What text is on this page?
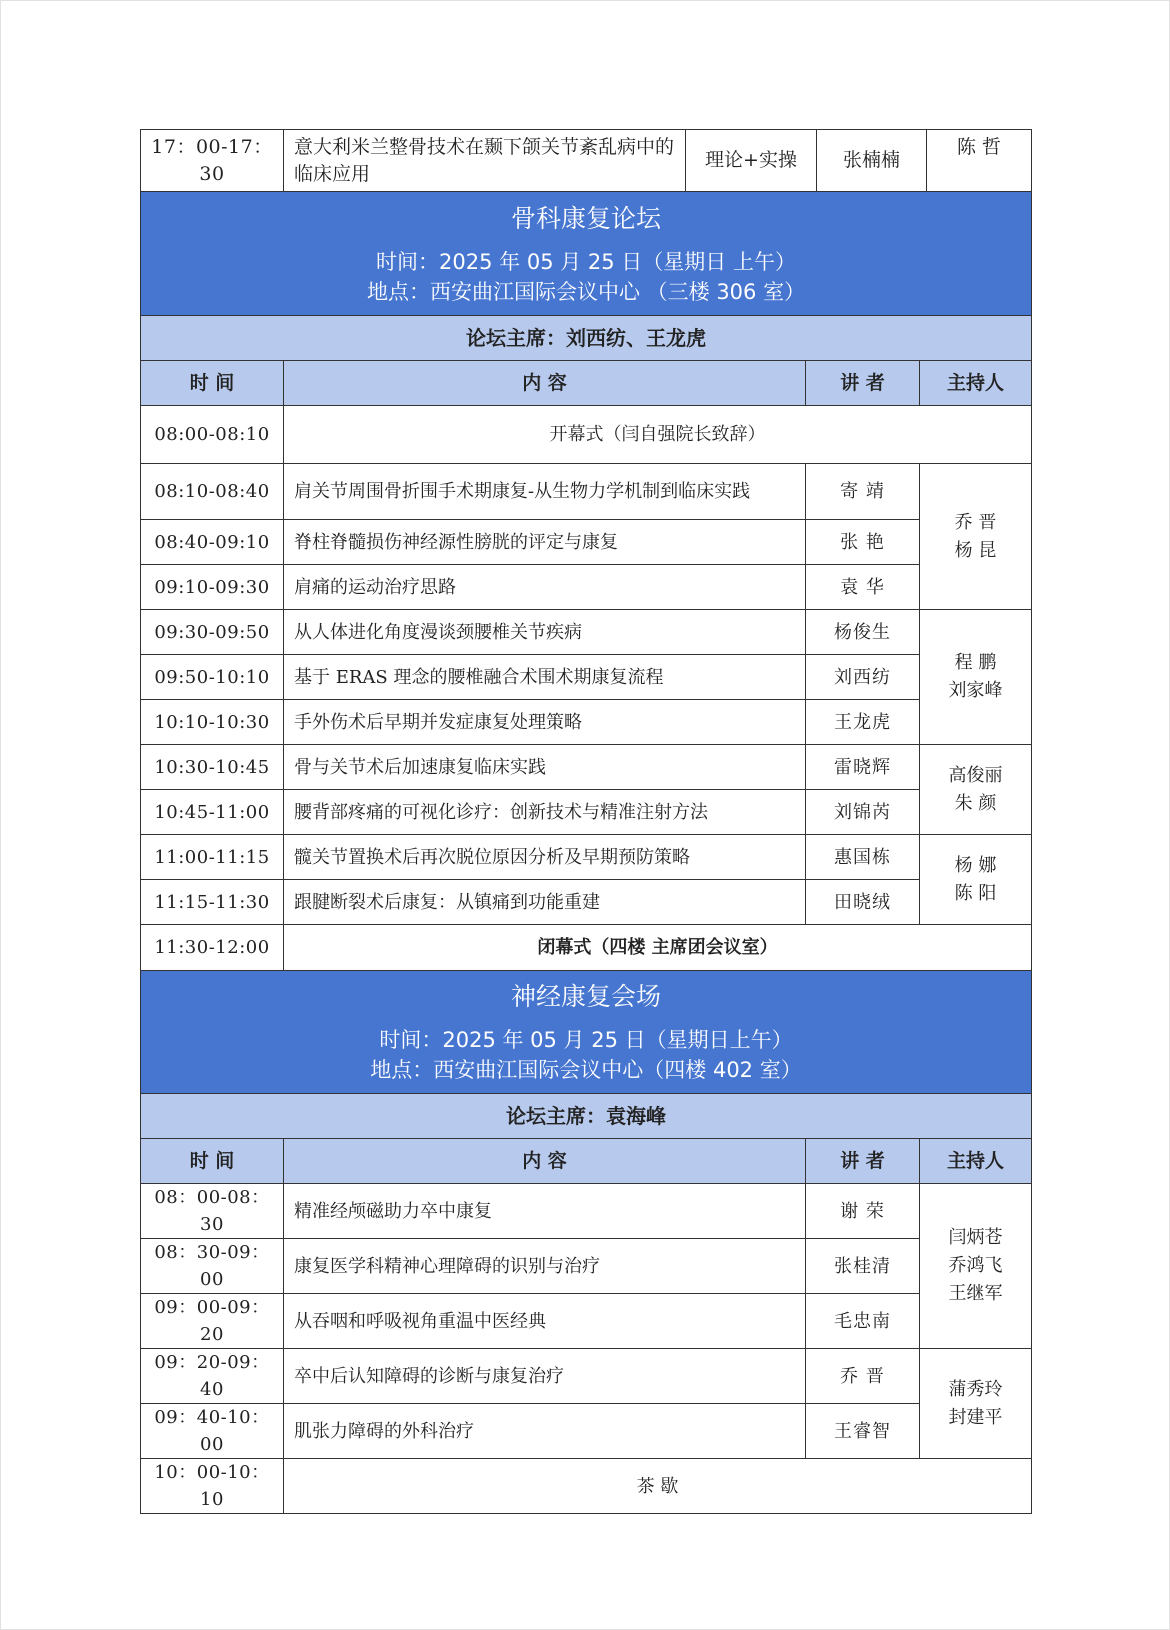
17：00-17：30	意大利米兰整骨技术在颞下颌关节紊乱病中的临床应用	理论+实操	张楠楠	陈 哲
骨科康复论坛
时间：2025 年 05 月 25 日（星期日 上午）
地点：西安曲江国际会议中心 （三楼 306 室）			

论坛主席：刘西纺、王龙虎			
时 间	内 容	讲 者	主持人
08:00-08:10	开幕式（闫自强院长致辞）		
08:10-08:40	肩关节周围骨折围手术期康复-从生物力学机制到临床实践	寄 靖	乔 晋
杨 昆

08:40-09:10	脊柱脊髓损伤神经源性膀胱的评定与康复	张 艳	
09:10-09:30	肩痛的运动治疗思路	袁 华	
09:30-09:50	从人体进化角度漫谈颈腰椎关节疾病	杨俊生	程 鹏
刘家峰

09:50-10:10	基于 ERAS 理念的腰椎融合术围术期康复流程	刘西纺	
10:10-10:30	手外伤术后早期并发症康复处理策略	王龙虎	
10:30-10:45	骨与关节术后加速康复临床实践	雷晓辉	高俊丽
朱 颜

10:45-11:00	腰背部疼痛的可视化诊疗：创新技术与精准注射方法	刘锦芮	
11:00-11:15	髋关节置换术后再次脱位原因分析及早期预防策略	惠国栋	杨 娜
陈 阳

11:15-11:30	跟腱断裂术后康复：从镇痛到功能重建	田晓绒	
11:30-12:00	闭幕式（四楼 主席团会议室）		
神经康复会场
时间：2025 年 05 月 25 日（星期日上午）
地点：西安曲江国际会议中心（四楼 402 室）			

论坛主席：袁海峰			
时 间	内 容	讲 者	主持人
08：00-08：30	精准经颅磁助力卒中康复	谢 荣	闫炳苍
乔鸿飞
王继军

08：30-09：00	康复医学科精神心理障碍的识别与治疗	张桂清	
09：00-09：20	从吞咽和呼吸视角重温中医经典	毛忠南	
09：20-09：40	卒中后认知障碍的诊断与康复治疗	乔 晋	蒲秀玲
封建平

09：40-10：00	肌张力障碍的外科治疗	王睿智	
10：00-10：10	茶 歇		
